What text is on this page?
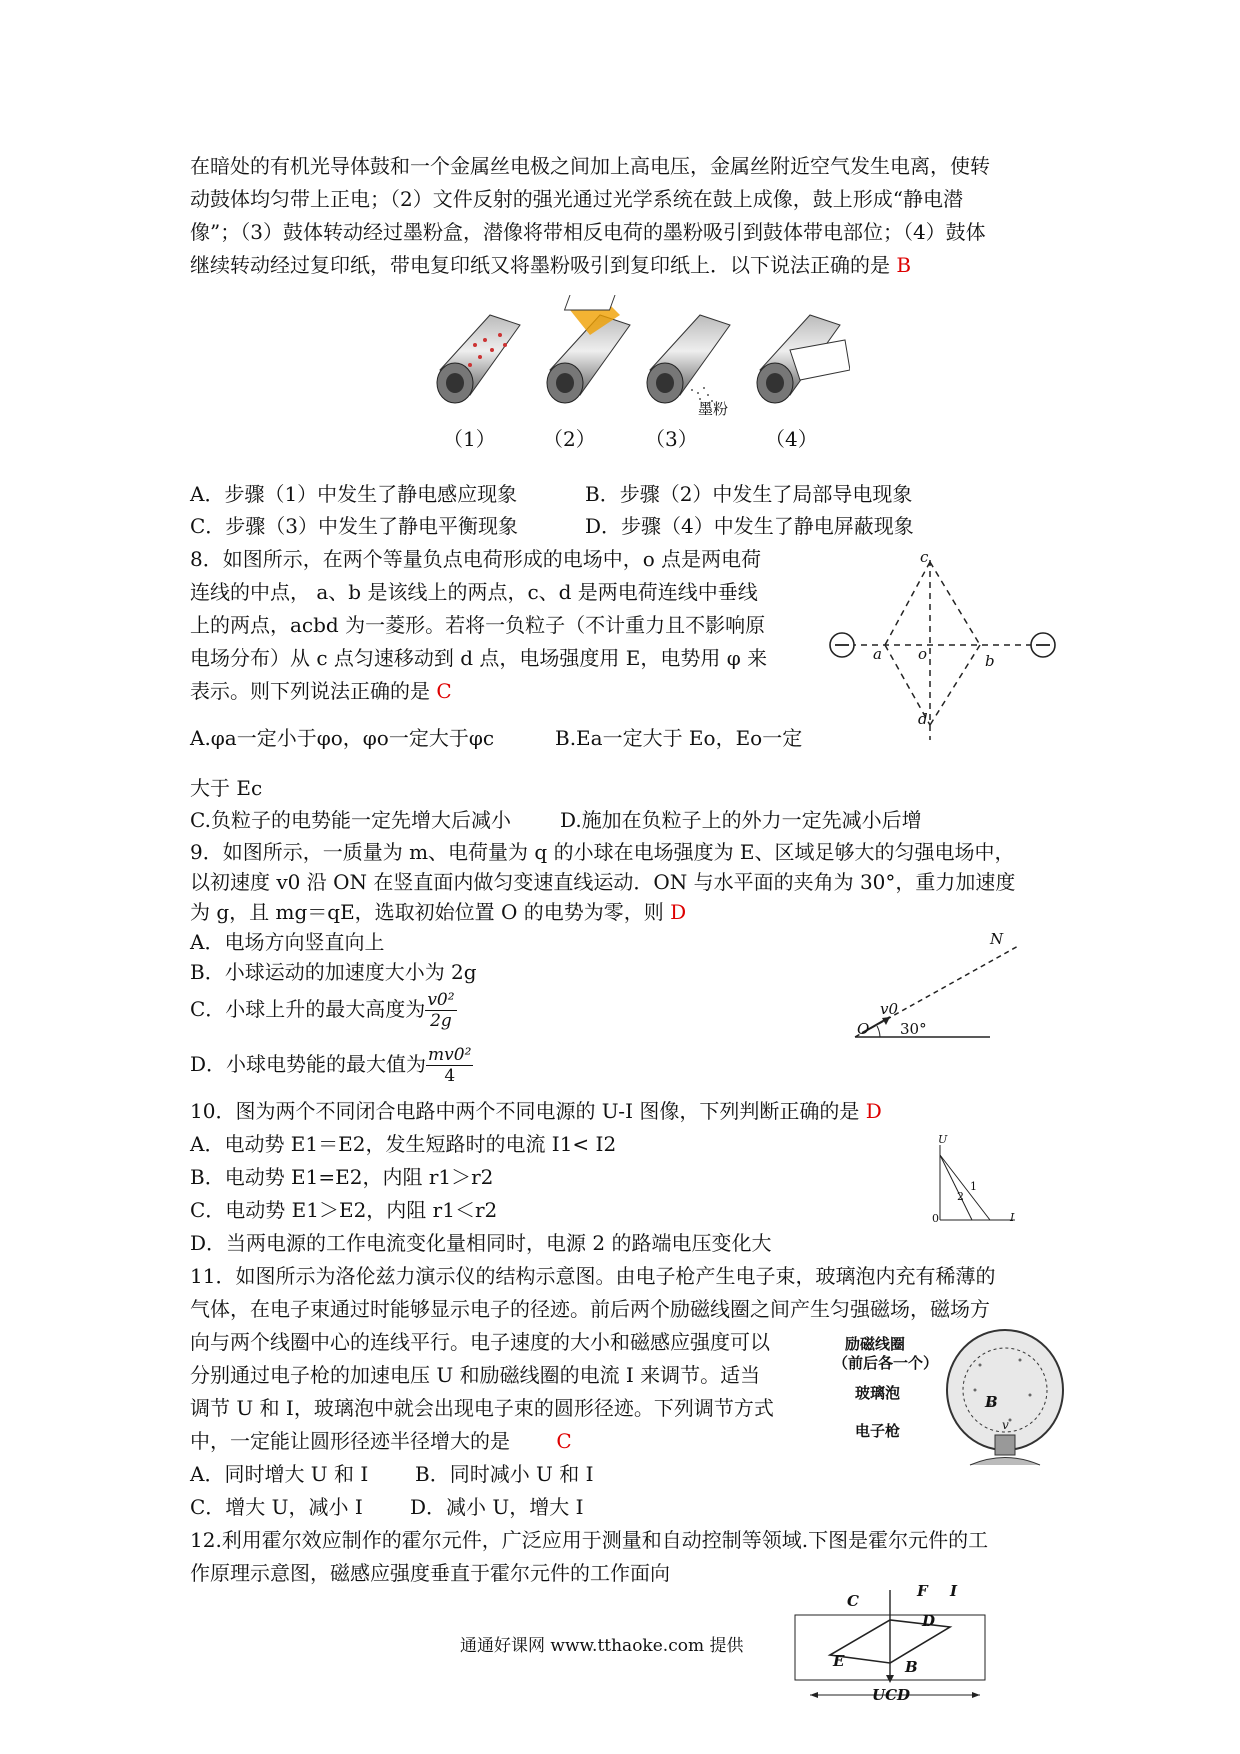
在暗处的有机光导体鼓和一个金属丝电极之间加上高电压，金属丝附近空气发生电离，使转
动鼓体均匀带上正电；（2）文件反射的强光通过光学系统在鼓上成像，鼓上形成“静电潜
像”；（3）鼓体转动经过墨粉盒，潜像将带相反电荷的墨粉吸引到鼓体带电部位；（4）鼓体
继续转动经过复印纸，带电复印纸又将墨粉吸引到复印纸上．以下说法正确的是 B
墨粉
（1） （2） （3）	（4）
A．步骤（1）中发生了静电感应现象	B．步骤（2）中发生了局部导电现象
C．步骤（3）中发生了静电平衡现象	D．步骤（4）中发生了静电屏蔽现象
8．如图所示，在两个等量负点电荷形成的电场中，o 点是两电荷
连线的中点， a、b 是该线上的两点，c、d 是两电荷连线中垂线
上的两点，acbd 为一菱形。若将一负粒子（不计重力且不影响原
电场分布）从 c 点匀速移动到 d 点，电场强度用 E，电势用 φ 来
表示。则下列说法正确的是 C
c
a o	b
d
A.φa一定小于φo，φo一定大于φc	B.Ea一定大于 Eo，Eo一定
大于 Ec
C.负粒子的电势能一定先增大后减小 D.施加在负粒子上的外力一定先减小后增
9．如图所示，一质量为 m、电荷量为 q 的小球在电场强度为 E、区域足够大的匀强电场中，
以初速度 v0 沿 ON 在竖直面内做匀变速直线运动．ON 与水平面的夹角为 30°，重力加速度
为 g，且 mg＝qE，选取初始位置 O 的电势为零，则 D
A．电场方向竖直向上
B．小球运动的加速度大小为 2g
C．小球上升的最大高度为 $\frac{\text{v0²}}{2g}$
D．小球电势能的最大值为 $\frac{\text{mv0²}}{4}$
N
v0
O 30°
10．图为两个不同闭合电路中两个不同电源的 U-I 图像，下列判断正确的是 D
A．电动势 E1＝E2，发生短路时的电流 I1< I2
B．电动势 E1=E2，内阻 r1＞r2
C．电动势 E1＞E2，内阻 r1＜r2
D．当两电源的工作电流变化量相同时，电源 2 的路端电压变化大
U
I
0
1
2
11．如图所示为洛伦兹力演示仪的结构示意图。由电子枪产生电子束，玻璃泡内充有稀薄的
气体，在电子束通过时能够显示电子的径迹。前后两个励磁线圈之间产生匀强磁场，磁场方
向与两个线圈中心的连线平行。电子速度的大小和磁感应强度可以
分别通过电子枪的加速电压 U 和励磁线圈的电流 I 来调节。适当
调节 U 和 I，玻璃泡中就会出现电子束的圆形径迹。下列调节方式
中，一定能让圆形径迹半径增大的是 C
A．同时增大 U 和 I B．同时减小 U 和 I
C．增大 U，减小 I D．减小 U，增大 I
励磁线圈
（前后各一个）
玻璃泡
电子枪
B
v
12.利用霍尔效应制作的霍尔元件，广泛应用于测量和自动控制等领域.下图是霍尔元件的工
作原理示意图，磁感应强度垂直于霍尔元件的工作面向
C
F I
D
E	B
UCD
通通好课网 www.tthaoke.com 提供
